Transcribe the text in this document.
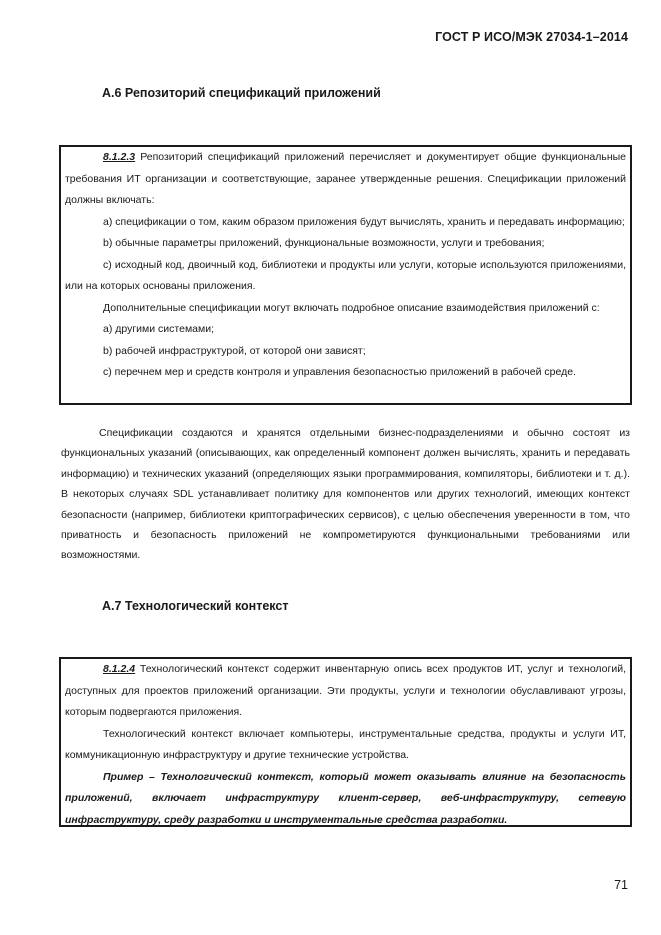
ГОСТ Р ИСО/МЭК 27034-1–2014
А.6 Репозиторий спецификаций приложений

8.1.2.3 Репозиторий спецификаций приложений перечисляет и документирует общие функциональные требования ИТ организации и соответствующие, заранее утвержденные решения. Спецификации приложений должны включать:

a) спецификации о том, каким образом приложения будут вычислять, хранить и передавать информацию;

b) обычные параметры приложений, функциональные возможности, услуги и требования;

c) исходный код, двоичный код, библиотеки и продукты или услуги, которые используются приложениями, или на которых основаны приложения.

Дополнительные спецификации могут включать подробное описание взаимодействия приложений с:

a) другими системами;

b) рабочей инфраструктурой, от которой они зависят;

c) перечнем мер и средств контроля и управления безопасностью приложений в рабочей среде.

Спецификации создаются и хранятся отдельными бизнес-подразделениями и обычно состоят из функциональных указаний (описывающих, как определенный компонент должен вычислять, хранить и передавать информацию) и технических указаний (определяющих языки программирования, компиляторы, библиотеки и т. д.). В некоторых случаях SDL устанавливает политику для компонентов или других технологий, имеющих контекст безопасности (например, библиотеки криптографических сервисов), с целью обеспечения уверенности в том, что приватность и безопасность приложений не компрометируются функциональными требованиями или возможностями.

А.7 Технологический контекст

8.1.2.4 Технологический контекст содержит инвентарную опись всех продуктов ИТ, услуг и технологий, доступных для проектов приложений организации. Эти продукты, услуги и технологии обуславливают угрозы, которым подвергаются приложения.

Технологический контекст включает компьютеры, инструментальные средства, продукты и услуги ИТ, коммуникационную инфраструктуру и другие технические устройства.

Пример – Технологический контекст, который может оказывать влияние на безопасность приложений, включает инфраструктуру клиент-сервер, веб-инфраструктуру, сетевую инфраструктуру, среду разработки и инструментальные средства разработки.

71
